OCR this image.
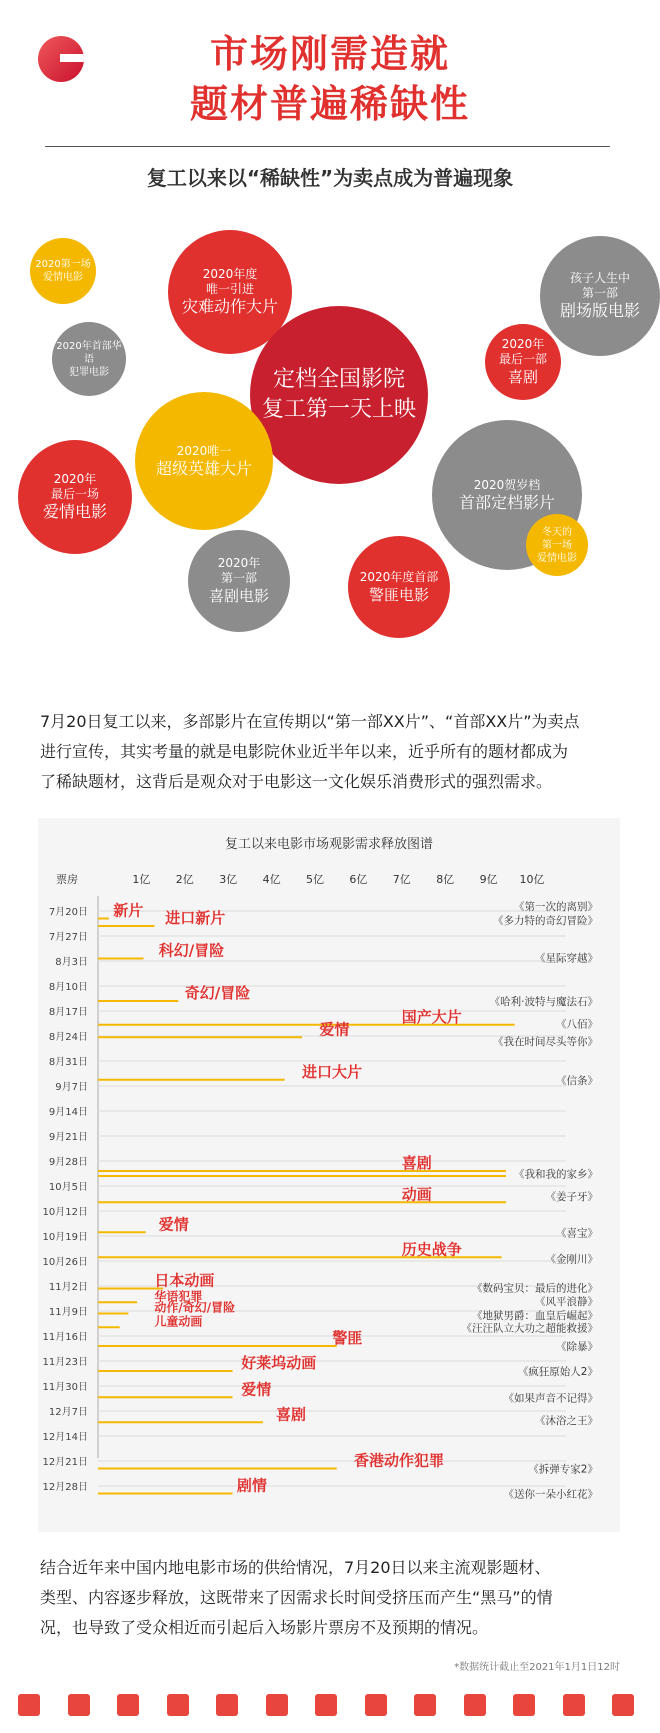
市场刚需造就
题材普遍稀缺性
复工以来以“稀缺性”为卖点成为普遍现象
2020第一场
爱情电影	2020年度
唯一引进
灾难动作大片
孩子人生中
第一部
剧场版电影
2020年首部华语
犯罪电影
2020年
最后一部
喜剧
定档全国影院
复工第一天上映
2020唯一
超级英雄大片
2020年
最后一场
爱情电影
2020贺岁档
首部定档影片
冬天的
第一场
爱情电影
2020年
第一部
喜剧电影
2020年度首部
警匪电影
7月20日复工以来，多部影片在宣传期以“第一部XX片”、“首部XX片”为卖点
进行宣传，其实考量的就是电影院休业近半年以来，近乎所有的题材都成为
了稀缺题材，这背后是观众对于电影这一文化娱乐消费形式的强烈需求。
复工以来电影市场观影需求释放图谱
票房	1亿 2亿 3亿 4亿 5亿 6亿 7亿 8亿 9亿 10亿
7月20日
7月27日
8月3日
8月10日
8月17日
8月24日
8月31日
9月7日
9月14日
9月21日
9月28日
10月5日
10月12日
10月19日
10月26日
11月2日
11月9日
11月16日
11月23日
11月30日
12月7日
12月14日
12月21日
12月28日
新片 进口新片
科幻/冒险
奇幻/冒险
国产大片
爱情
进口大片
喜剧
动画
爱情
历史战争
日本动画
华语犯罪
动作/奇幻/冒险
儿童动画
警匪
好莱坞动画
爱情
喜剧
香港动作犯罪
剧情
《第一次的离别》
《多力特的奇幻冒险》
《星际穿越》
《哈利·波特与魔法石》
《八佰》
《我在时间尽头等你》
《信条》
《我和我的家乡》
《姜子牙》
《喜宝》
《金刚川》
《数码宝贝：最后的进化》
《风平浪静》
《地狱男爵：血皇后崛起》
《汪汪队立大功之超能救援》
《除暴》
《疯狂原始人2》
《如果声音不记得》
《沐浴之王》
《拆弹专家2》
《送你一朵小红花》
结合近年来中国内地电影市场的供给情况，7月20日以来主流观影题材、
类型、内容逐步释放，这既带来了因需求长时间受挤压而产生“黑马”的情
况，也导致了受众相近而引起后入场影片票房不及预期的情况。
*数据统计截止至2021年1月1日12时
